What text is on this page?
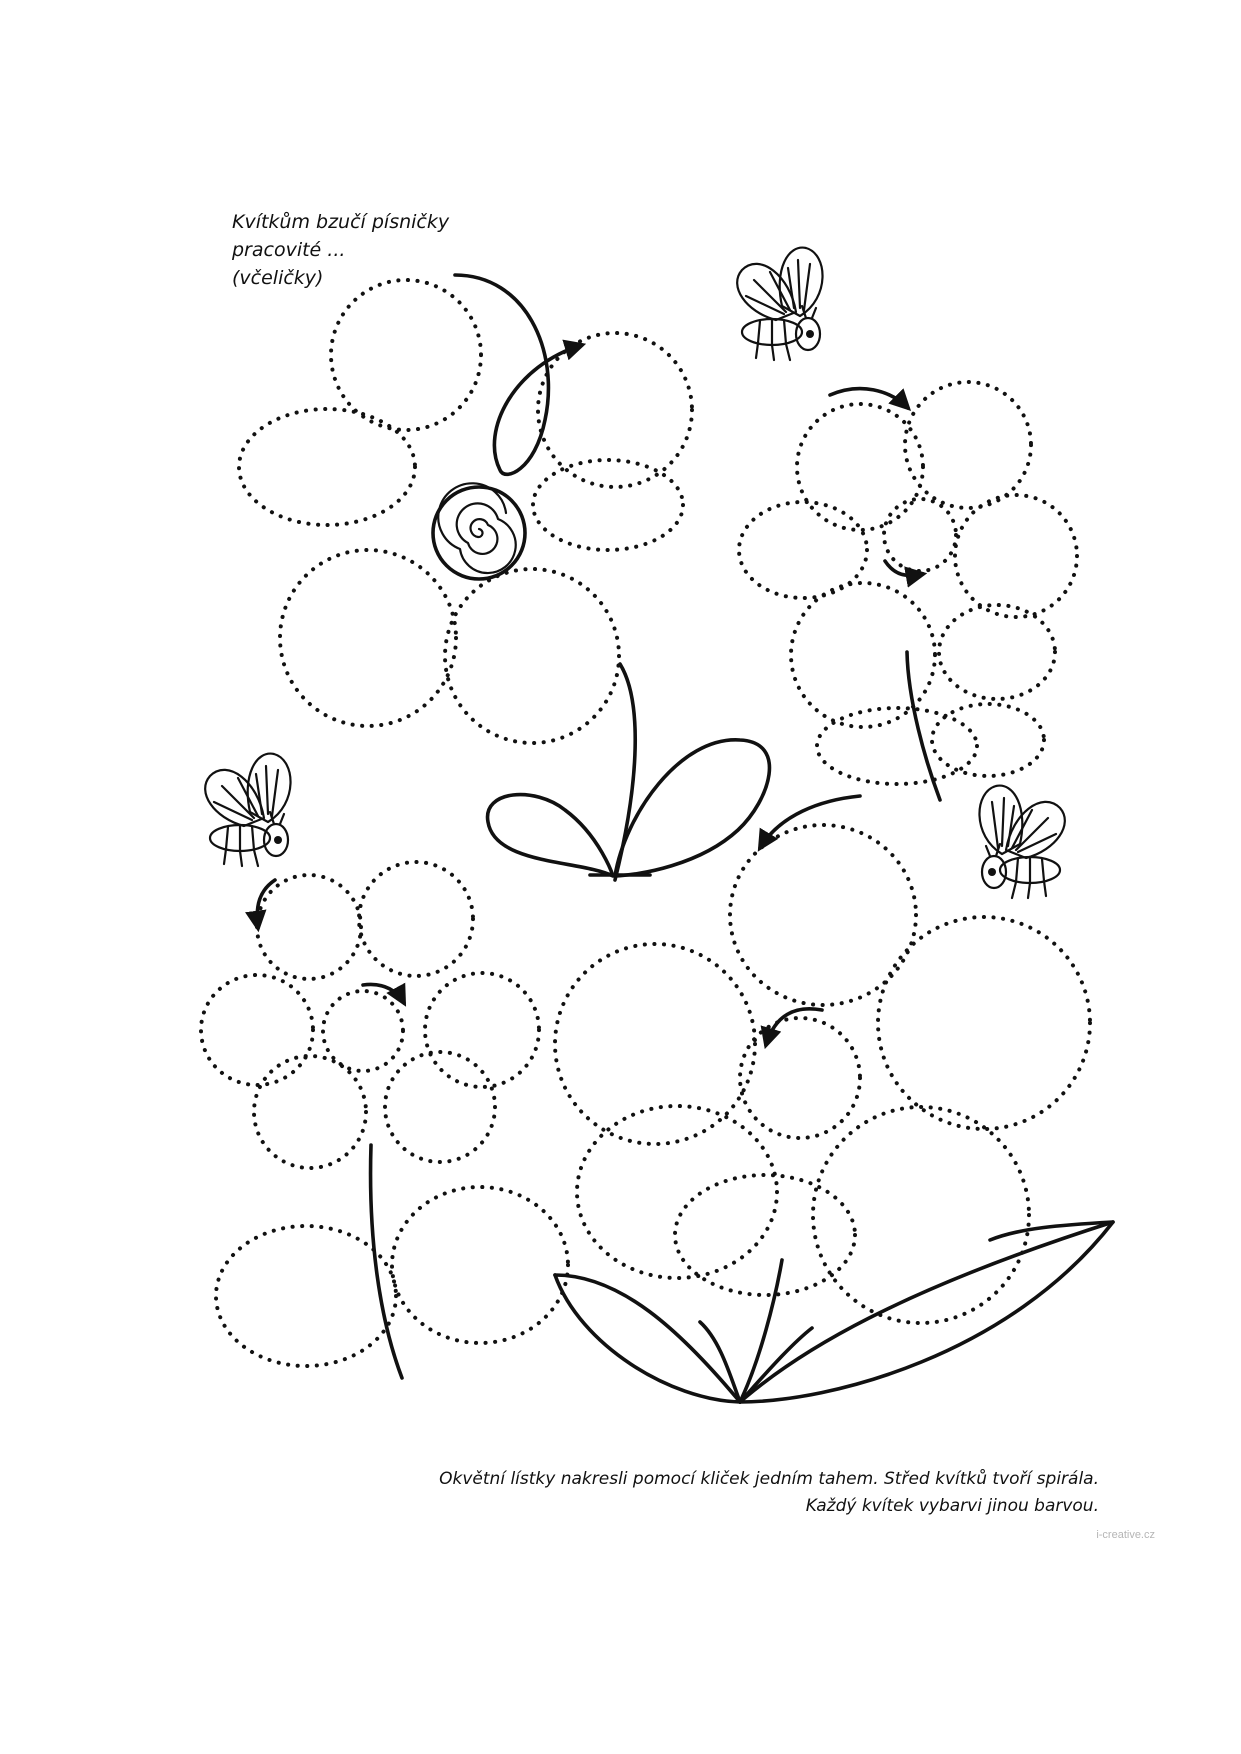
Kvítkům bzučí písničky
pracovité ...
(včeličky)
Okvětní lístky nakresli pomocí kliček jedním tahem. Střed kvítků tvoří spirála.
Každý kvítek vybarvi jinou barvou.
i-creative.cz
